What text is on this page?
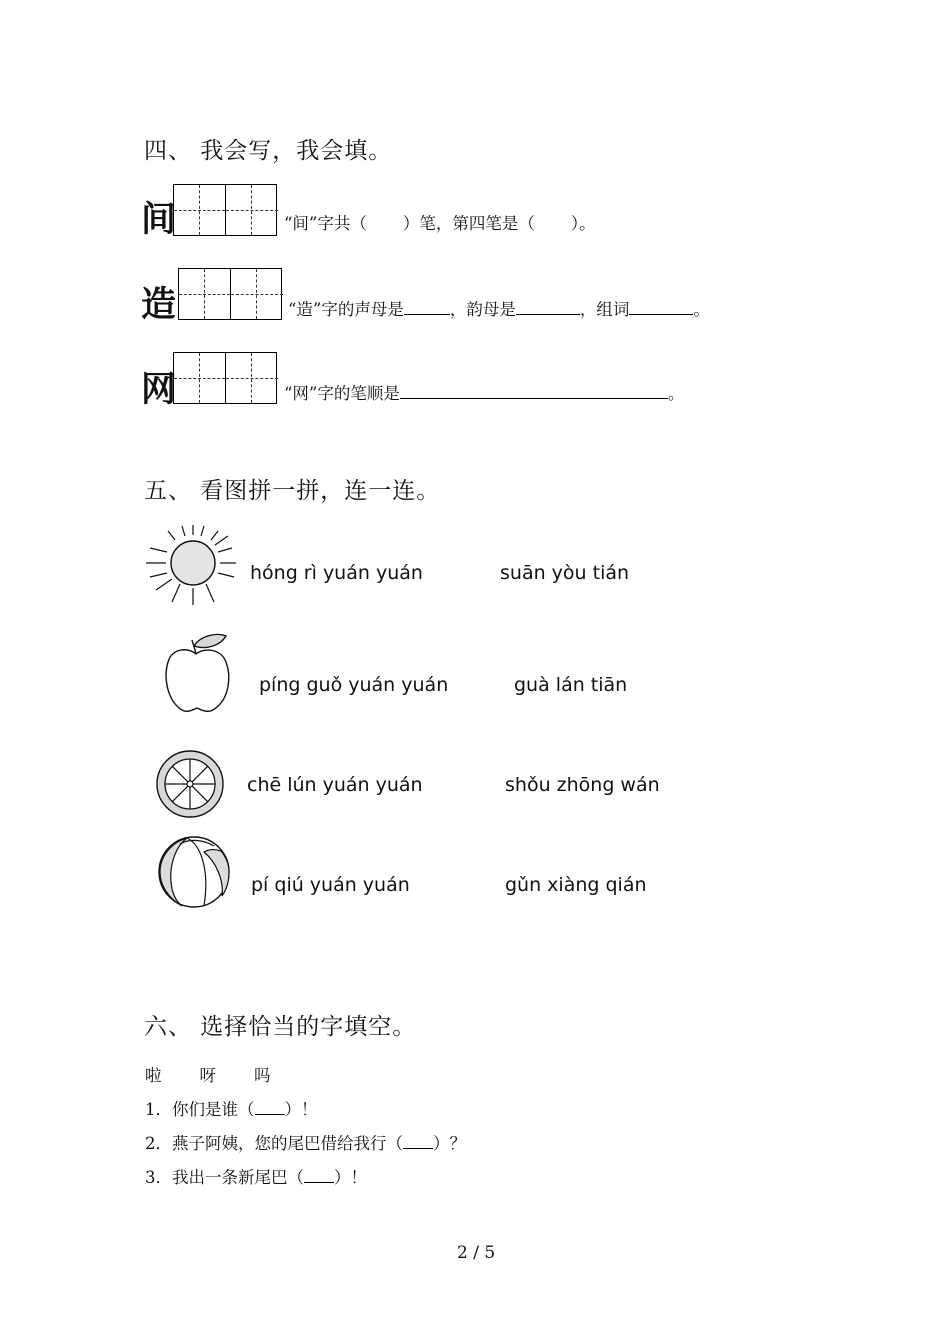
四、 我会写，我会填。
间	“间”字共（ ）笔，第四笔是（ ）。
造	“造”字的声母是	，韵母是	，组词	。
网	“网”字的笔顺是	。
五、 看图拼一拼，连一连。
hóng rì yuán yuán	suān yòu tián
píng guǒ yuán yuán	guà lán tiān
chē lún yuán yuán	shǒu zhōng wán
pí qiú yuán yuán	gǔn xiàng qián
六、 选择恰当的字填空。
啦 呀 吗
1．你们是谁（ ）！
2．燕子阿姨，您的尾巴借给我行（ ）？
3．我出一条新尾巴（ ）！
2 / 5
